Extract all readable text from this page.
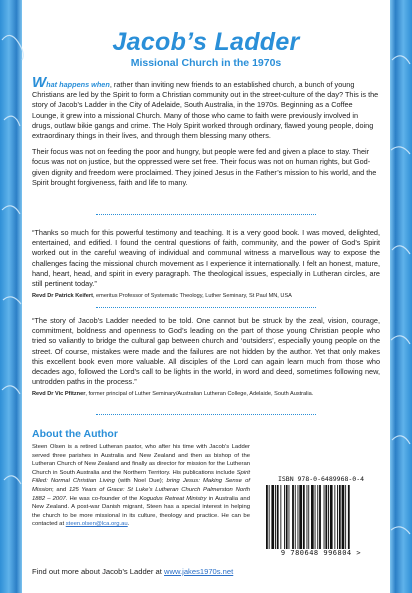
Jacob’s Ladder
Missional Church in the 1970s

What happens when, rather than inviting new friends to an established church, a bunch of young Christians are led by the Spirit to form a Christian community out in the street-culture of the day? This is the story of Jacob’s Ladder in the City of Adelaide, South Australia, in the 1970s. Beginning as a Coffee Lounge, it grew into a missional Church. Many of those who came to faith were previously involved in drugs, outlaw bikie gangs and crime. The Holy Spirit worked through ordinary, flawed young people, doing extraordinary things in their lives, and through them blessing many others.

Their focus was not on feeding the poor and hungry, but people were fed and given a place to stay. Their focus was not on justice, but the oppressed were set free. Their focus was not on human rights, but God-given dignity and freedom were proclaimed. They joined Jesus in the Father’s mission to his world, and the Spirit brought forgiveness, faith and life to many.

“Thanks so much for this powerful testimony and teaching. It is a very good book. I was moved, delighted, entertained, and edified. I found the central questions of faith, community, and the power of God’s Spirit worked out in the careful weaving of individual and communal witness a marvellous way to expose the challenges facing the missional church movement as I experience it internationally. I felt an honest, mature, hand, heart, head, and spirit in every paragraph. The theological issues, especially in Lutheran circles, are still pertinent today.”

Revd Dr Patrick Keifert, emeritus Professor of Systematic Theology, Luther Seminary, St Paul MN, USA

“The story of Jacob’s Ladder needed to be told. One cannot but be struck by the zeal, vision, courage, commitment, boldness and openness to God’s leading on the part of those young Christian people who tried so valiantly to bridge the cultural gap between church and ‘outsiders’, especially young people on the street. Of course, mistakes were made and the failures are not hidden by the author. Yet that only makes this excellent book even more valuable. All disciples of the Lord can again learn much from those who decades ago, followed the Lord’s call to be lights in the world, in word and deed, sometimes following new, untrodden paths in the process.”

Revd Dr Vic Pfitzner, former principal of Luther Seminary/Australian Lutheran College, Adelaide, South Australia.
About the Author
Steen Olsen is a retired Lutheran pastor, who after his time with Jacob’s Ladder served three parishes in Australia and New Zealand and then as bishop of the Lutheran Church of New Zealand and finally as director for mission for the Lutheran Church in South Australia and the Northern Territory. His publications include Spirit Filled: Normal Christian Living (with Noel Due); bring Jesus: Making Sense of Mission; and 125 Years of Grace: St Luke’s Lutheran Church Palmerston North 1882 – 2007. He was co-founder of the Kogudus Retreat Ministry in Australia and New Zealand. A post-war Danish migrant, Steen has a special interest in helping the church to be more missional in its culture, theology and practice. He can be contacted at steen.olsen@lca.org.au.
ISBN 978-0-6489968-0-4
9 780648 996804 >
Find out more about Jacob’s Ladder at www.jakes1970s.net
